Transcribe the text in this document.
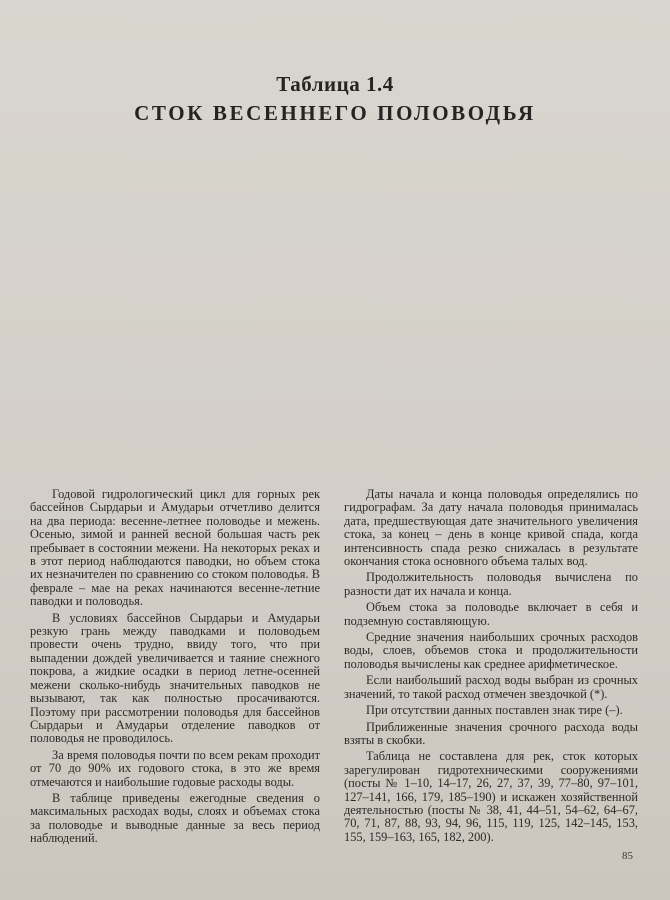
Таблица 1.4
СТОК ВЕСЕННЕГО ПОЛОВОДЬЯ

Годовой гидрологический цикл для горных рек бассейнов Сырдарьи и Амударьи отчетливо делится на два периода: весенне-летнее половодье и межень. Осенью, зимой и ранней весной большая часть рек пребывает в состоянии межени. На некоторых реках и в этот период наблюдаются паводки, но объем стока их незначителен по сравнению со стоком половодья. В феврале – мае на реках начинаются весенне-летние паводки и половодья.

В условиях бассейнов Сырдарьи и Амударьи резкую грань между паводками и половодьем провести очень трудно, ввиду того, что при выпадении дождей увеличивается и таяние снежного покрова, а жидкие осадки в период летне-осенней межени сколько-нибудь значительных паводков не вызывают, так как полностью просачиваются. Поэтому при рассмотрении половодья для бассейнов Сырдарьи и Амударьи отделение паводков от половодья не проводилось.

За время половодья почти по всем рекам проходит от 70 до 90% их годового стока, в это же время отмечаются и наибольшие годовые расходы воды.

В таблице приведены ежегодные сведения о максимальных расходах воды, слоях и объемах стока за половодье и выводные данные за весь период наблюдений.

Даты начала и конца половодья определялись по гидрографам. За дату начала половодья принималась дата, предшествующая дате значительного увеличения стока, за конец – день в конце кривой спада, когда интенсивность спада резко снижалась в результате окончания стока основного объема талых вод.

Продолжительность половодья вычислена по разности дат их начала и конца.

Объем стока за половодье включает в себя и подземную составляющую.

Средние значения наибольших срочных расходов воды, слоев, объемов стока и продолжительности половодья вычислены как среднее арифметическое.

Если наибольший расход воды выбран из срочных значений, то такой расход отмечен звездочкой (*).

При отсутствии данных поставлен знак тире (–).

Приближенные значения срочного расхода воды взяты в скобки.

Таблица не составлена для рек, сток которых зарегулирован гидротехническими сооружениями (посты № 1–10, 14–17, 26, 27, 37, 39, 77–80, 97–101, 127–141, 166, 179, 185–190) и искажен хозяйственной деятельностью (посты № 38, 41, 44–51, 54–62, 64–67, 70, 71, 87, 88, 93, 94, 96, 115, 119, 125, 142–145, 153, 155, 159–163, 165, 182, 200).

85
